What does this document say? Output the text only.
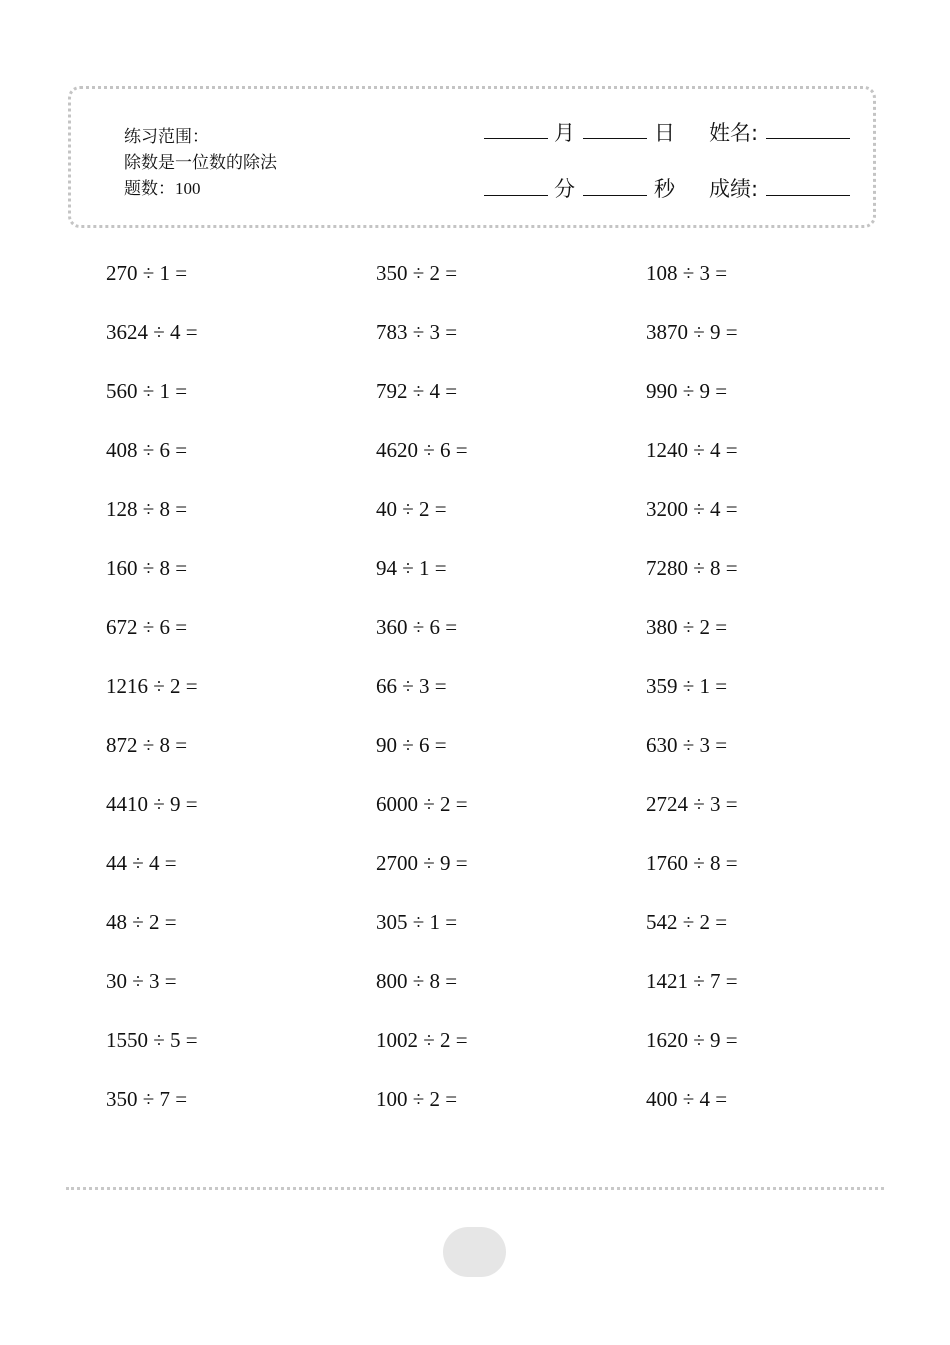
练习范围：
除数是一位数的除法
题数：100
月	日 姓名:
分	秒 成绩:
270 ÷ 1 =	350 ÷ 2 =	108 ÷ 3 =
3624 ÷ 4 =	783 ÷ 3 =	3870 ÷ 9 =
560 ÷ 1 =	792 ÷ 4 =	990 ÷ 9 =
408 ÷ 6 =	4620 ÷ 6 =	1240 ÷ 4 =
128 ÷ 8 =	40 ÷ 2 =	3200 ÷ 4 =
160 ÷ 8 =	94 ÷ 1 =	7280 ÷ 8 =
672 ÷ 6 =	360 ÷ 6 =	380 ÷ 2 =
1216 ÷ 2 =	66 ÷ 3 =	359 ÷ 1 =
872 ÷ 8 =	90 ÷ 6 =	630 ÷ 3 =
4410 ÷ 9 =	6000 ÷ 2 =	2724 ÷ 3 =
44 ÷ 4 =	2700 ÷ 9 =	1760 ÷ 8 =
48 ÷ 2 =	305 ÷ 1 =	542 ÷ 2 =
30 ÷ 3 =	800 ÷ 8 =	1421 ÷ 7 =
1550 ÷ 5 =	1002 ÷ 2 =	1620 ÷ 9 =
350 ÷ 7 =	100 ÷ 2 =	400 ÷ 4 =
